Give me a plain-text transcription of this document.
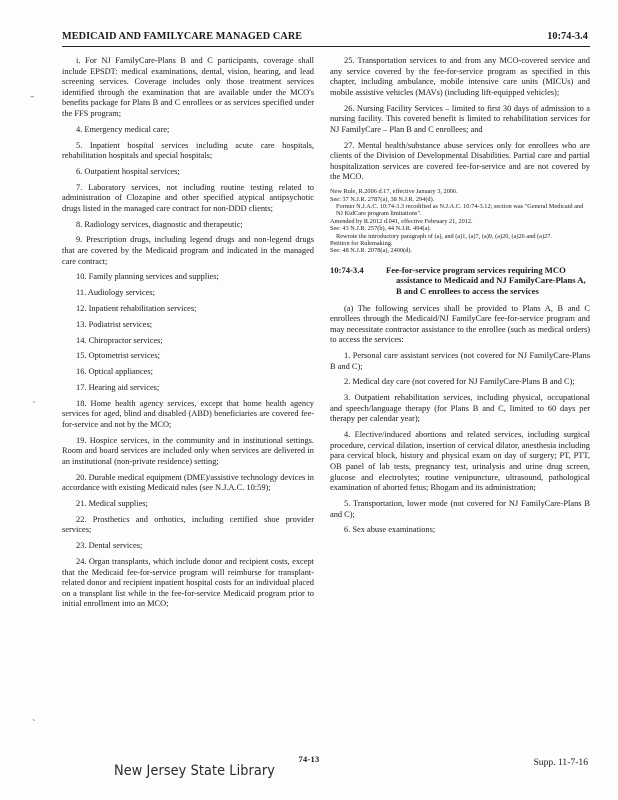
MEDICAID AND FAMILYCARE MANAGED CARE	10:74-3.4

i. For NJ FamilyCare-Plans B and C participants, coverage shall include EPSDT: medical examinations, dental, vision, hearing, and lead screening services. Coverage includes only those treatment services identified through the examination that are available under the MCO's benefits package for Plans B and C enrollees or as services specified under the FFS program;

4. Emergency medical care;

5. Inpatient hospital services including acute care hospitals, rehabilitation hospitals and special hospitals;

6. Outpatient hospital services;

7. Laboratory services, not including routine testing related to administration of Clozapine and other specified atypical antipsychotic drugs listed in the managed care contract for non-DDD clients;

8. Radiology services, diagnostic and therapeutic;

9. Prescription drugs, including legend drugs and non-legend drugs that are covered by the Medicaid program and indicated in the managed care contract;

10. Family planning services and supplies;

11. Audiology services;

12. Inpatient rehabilitation services;

13. Podiatrist services;

14. Chiropractor services;

15. Optometrist services;

16. Optical appliances;

17. Hearing aid services;

18. Home health agency services, except that home health agency services for aged, blind and disabled (ABD) beneficiaries are covered fee-for-service and not by the MCO;

19. Hospice services, in the community and in institutional settings. Room and board services are included only when services are delivered in an institutional (non-private residence) setting;

20. Durable medical equipment (DME)/assistive technology devices in accordance with existing Medicaid rules (see N.J.A.C. 10:59);

21. Medical supplies;

22. Prosthetics and orthotics, including certified shoe provider services;

23. Dental services;

24. Organ transplants, which include donor and recipient costs, except that the Medicaid fee-for-service program will reimburse for transplant-related donor and recipient inpatient hospital costs for an individual placed on a transplant list while in the fee-for-service Medicaid program prior to initial enrollment into an MCO;

25. Transportation services to and from any MCO-covered service and any service covered by the fee-for-service program as specified in this chapter, including ambulance, mobile intensive care units (MICUs) and mobile assistive vehicles (MAVs) (including lift-equipped vehicles);

26. Nursing Facility Services – limited to first 30 days of admission to a nursing facility. This covered benefit is limited to rehabilitation services for NJ FamilyCare – Plan B and C enrollees; and

27. Mental health/substance abuse services only for enrollees who are clients of the Division of Developmental Disabilities. Partial care and partial hospitalization services are covered fee-for-service and are not covered by the MCO.

New Rule, R.2006 d.17, effective January 3, 2006.
See: 37 N.J.R. 2787(a), 38 N.J.R. 294(d).
Former N.J.A.C. 10:74-3.3 recodified as N.J.A.C. 10:74-3.12; section was "General Medicaid and NJ KidCare program limitations".
Amended by R.2012 d.041, effective February 21, 2012.
See: 43 N.J.R. 257(b), 44 N.J.R. 494(a).
Rewrote the introductory paragraph of (a), and (a)1, (a)7, (a)9, (a)20, (a)26 and (a)27.
Petition for Rulemaking.
See: 48 N.J.R. 2078(a), 2400(d).
10:74-3.4	Fee-for-service program services requiring MCO assistance to Medicaid and NJ FamilyCare-Plans A, B and C enrollees to access the services

(a) The following services shall be provided to Plans A, B and C enrollees through the Medicaid/NJ FamilyCare fee-for-service program and may necessitate contractor assistance to the enrollee (such as medical orders) to access the services:

1. Personal care assistant services (not covered for NJ FamilyCare-Plans B and C);

2. Medical day care (not covered for NJ FamilyCare-Plans B and C);

3. Outpatient rehabilitation services, including physical, occupational and speech/language therapy (for Plans B and C, limited to 60 days per therapy per calendar year);

4. Elective/induced abortions and related services, including surgical procedure, cervical dilation, insertion of cervical dilator, anesthesia including para cervical block, history and physical exam on day of surgery; PT, PTT, OB panel of lab tests, pregnancy test, urinalysis and urine drug screen, glucose and electrolytes; routine venipuncture, ultrasound, pathological examination of aborted fetus; Rhogam and its administration;

5. Transportation, lower mode (not covered for NJ FamilyCare-Plans B and C);

6. Sex abuse examinations;

–
ˎ
ˎ
74-13	Supp. 11-7-16
New Jersey State Library
